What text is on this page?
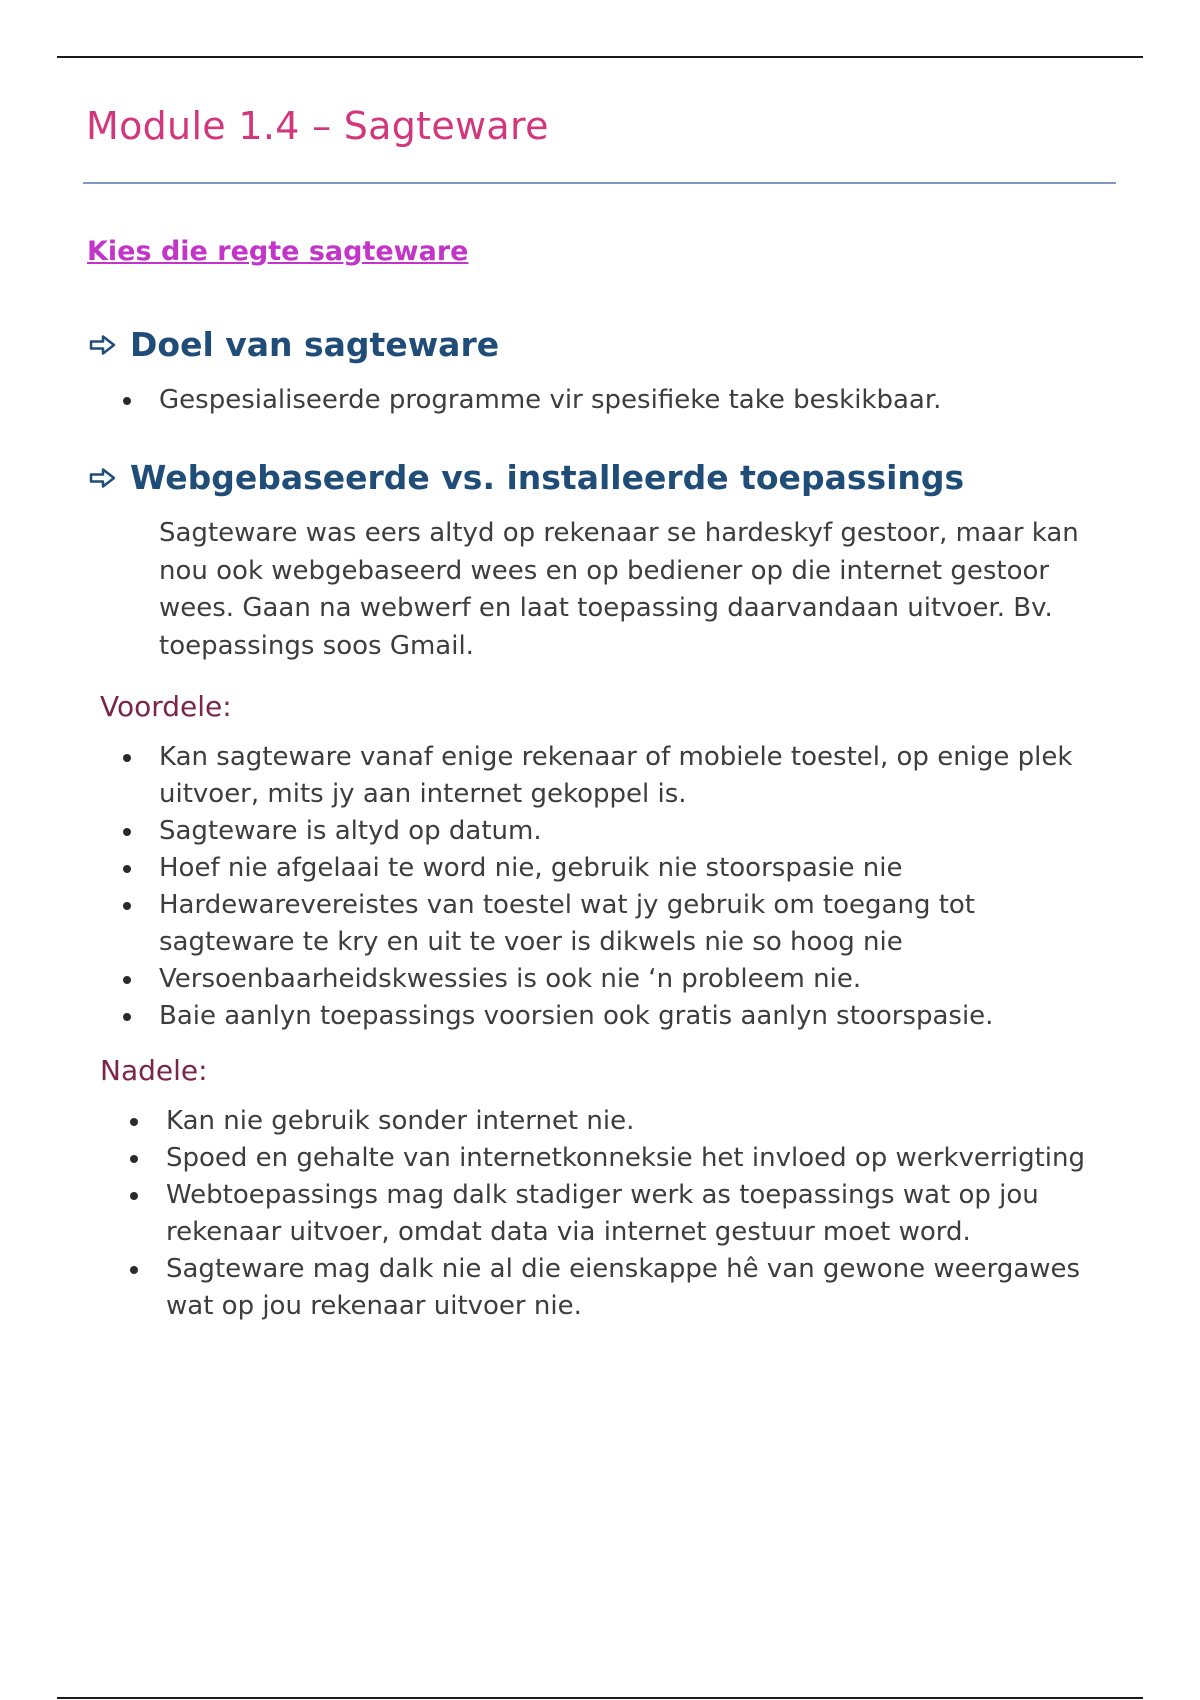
Module 1.4 – Sagteware
Kies die regte sagteware
Doel van sagteware
Gespesialiseerde programme vir spesifieke take beskikbaar.
Webgebaseerde vs. installeerde toepassings

Sagteware was eers altyd op rekenaar se hardeskyf gestoor, maar kan nou ook webgebaseerd wees en op bediener op die internet gestoor wees. Gaan na webwerf en laat toepassing daarvandaan uitvoer. Bv. toepassings soos Gmail.

Voordele:
Kan sagteware vanaf enige rekenaar of mobiele toestel, op enige plek uitvoer, mits jy aan internet gekoppel is.
Sagteware is altyd op datum.
Hoef nie afgelaai te word nie, gebruik nie stoorspasie nie
Hardewarevereistes van toestel wat jy gebruik om toegang tot sagteware te kry en uit te voer is dikwels nie so hoog nie
Versoenbaarheidskwessies is ook nie ‘n probleem nie.
Baie aanlyn toepassings voorsien ook gratis aanlyn stoorspasie.
Nadele:
Kan nie gebruik sonder internet nie.
Spoed en gehalte van internetkonneksie het invloed op werkverrigting
Webtoepassings mag dalk stadiger werk as toepassings wat op jou rekenaar uitvoer, omdat data via internet gestuur moet word.
Sagteware mag dalk nie al die eienskappe hê van gewone weergawes wat op jou rekenaar uitvoer nie.
